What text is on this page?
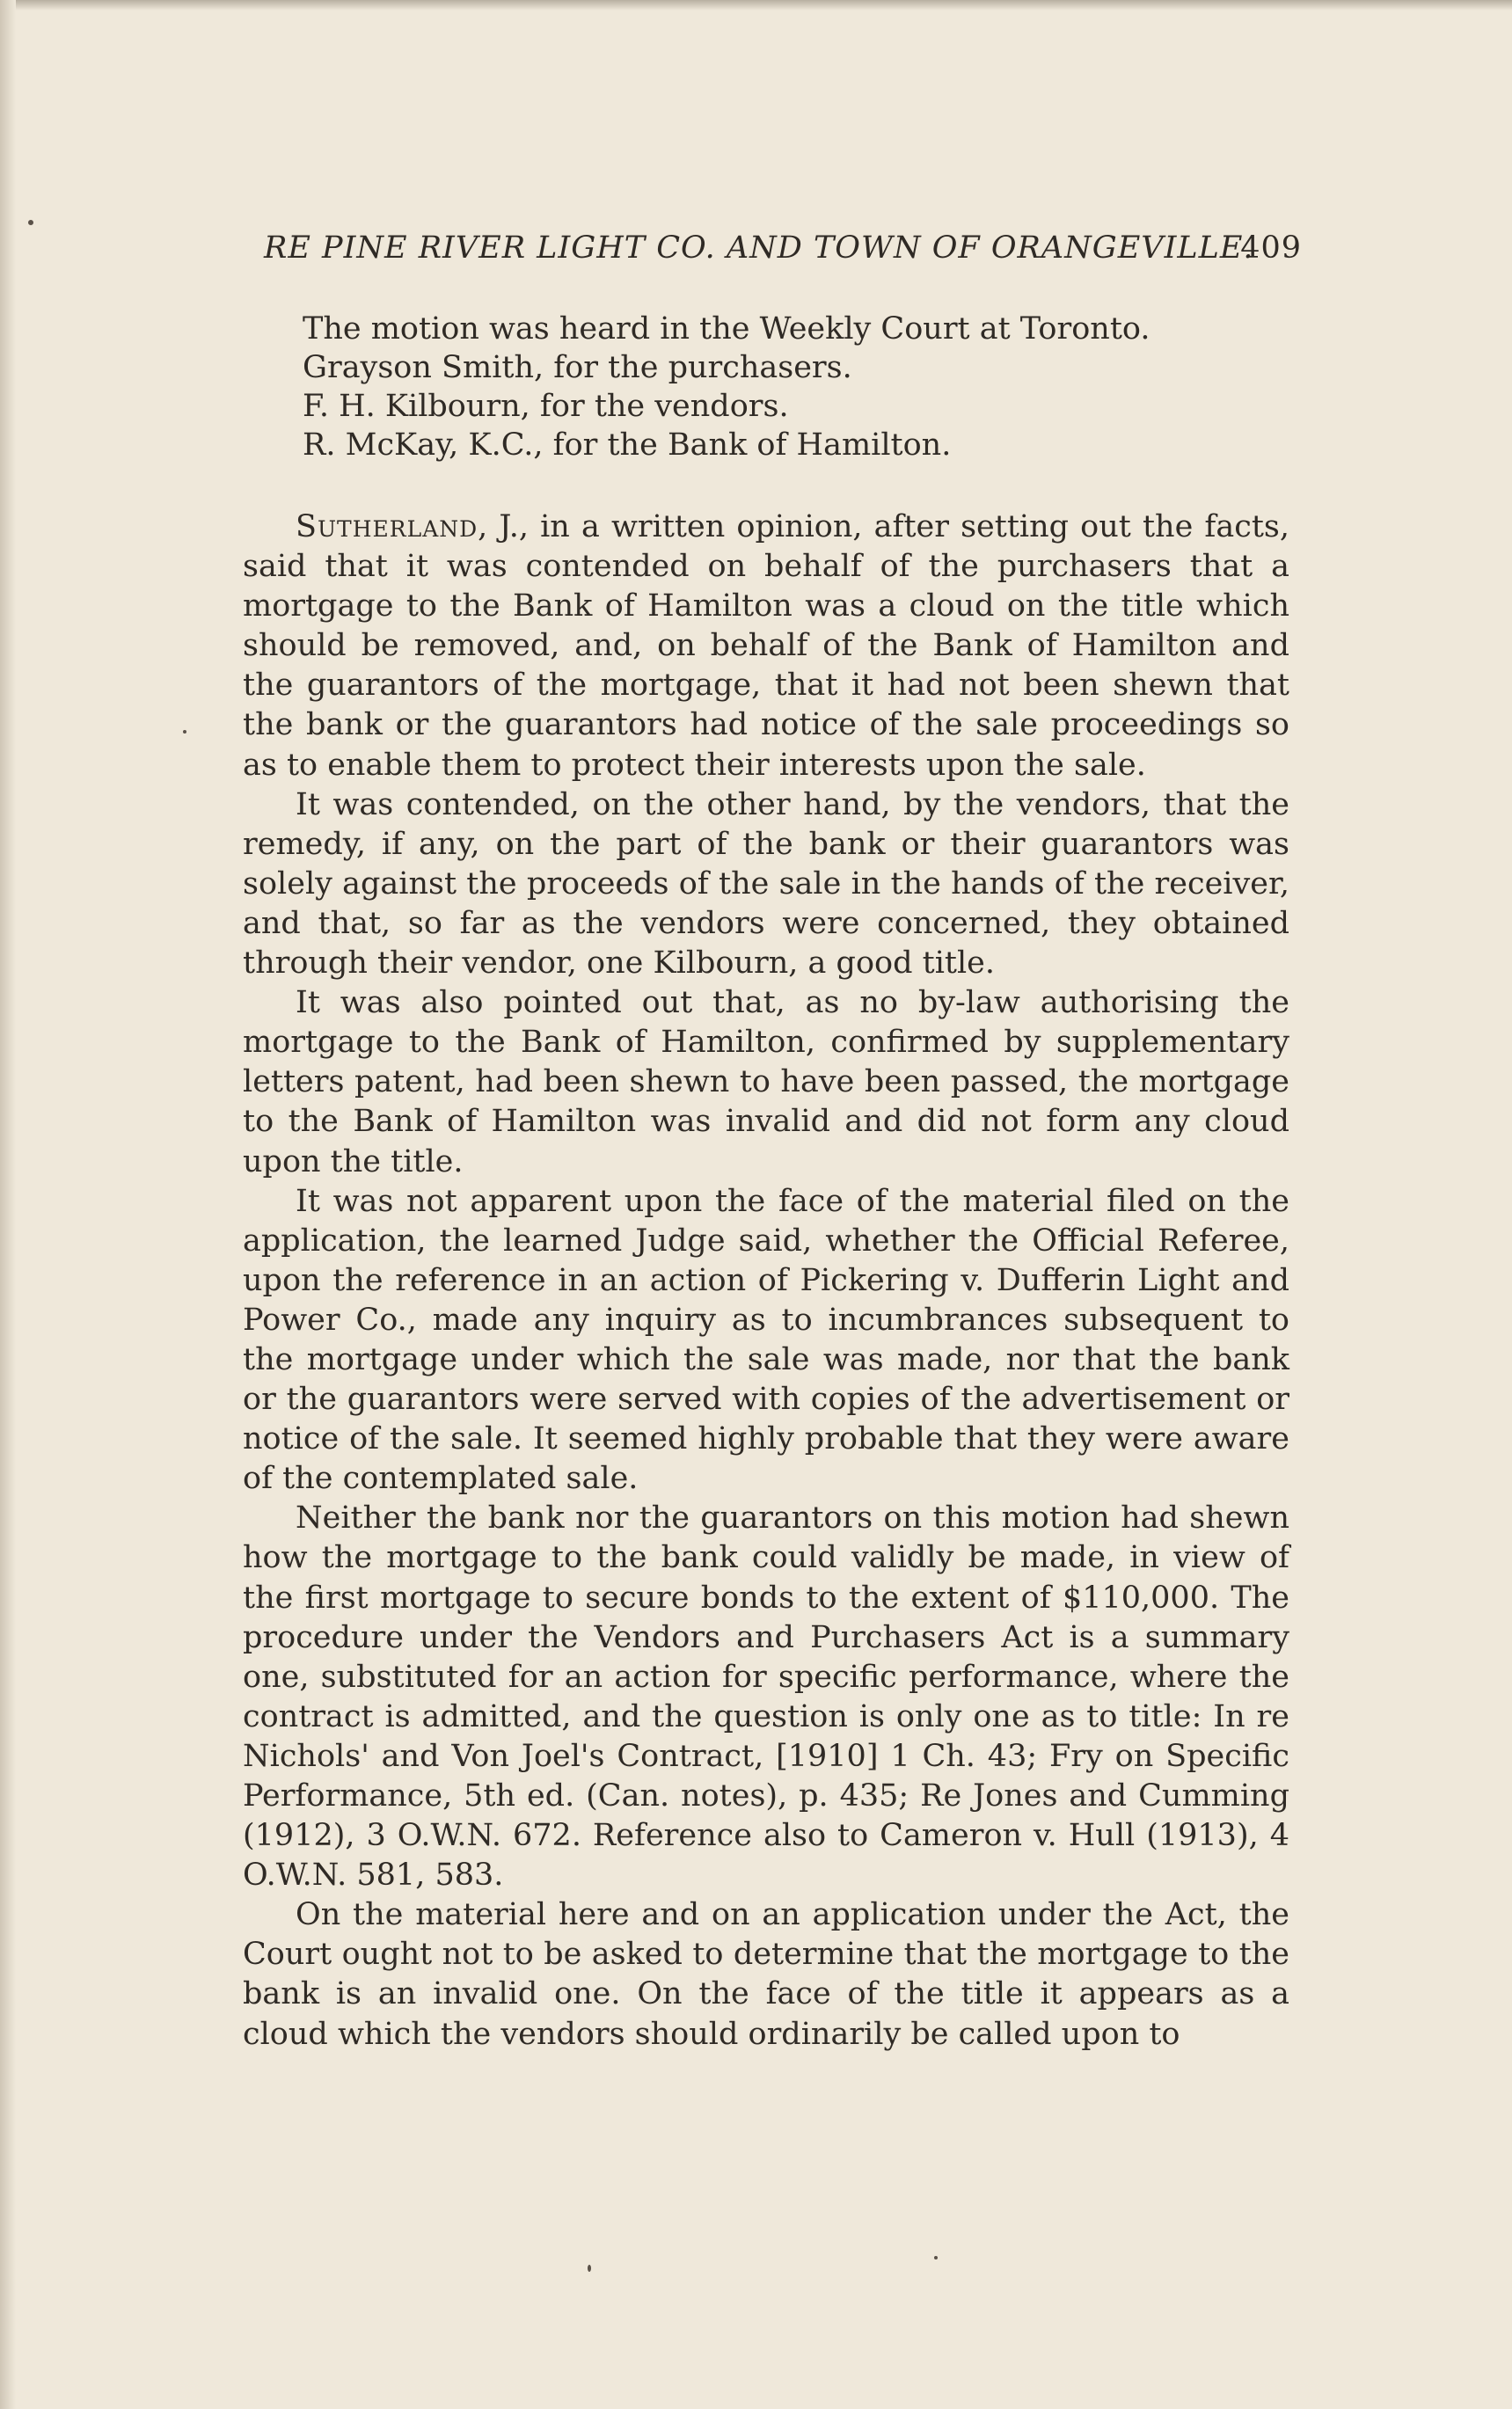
RE PINE RIVER LIGHT CO. AND TOWN OF ORANGEVILLE.
409
The motion was heard in the Weekly Court at Toronto.
Grayson Smith, for the purchasers.
F. H. Kilbourn, for the vendors.
R. McKay, K.C., for the Bank of Hamilton.

Sutherland, J., in a written opinion, after setting out the facts, said that it was contended on behalf of the purchasers that a mortgage to the Bank of Hamilton was a cloud on the title which should be removed, and, on behalf of the Bank of Hamilton and the guarantors of the mortgage, that it had not been shewn that the bank or the guarantors had notice of the sale proceedings so as to enable them to protect their interests upon the sale.

It was contended, on the other hand, by the vendors, that the remedy, if any, on the part of the bank or their guarantors was solely against the proceeds of the sale in the hands of the receiver, and that, so far as the vendors were concerned, they obtained through their vendor, one Kilbourn, a good title.

It was also pointed out that, as no by-law authorising the mortgage to the Bank of Hamilton, confirmed by supplementary letters patent, had been shewn to have been passed, the mortgage to the Bank of Hamilton was invalid and did not form any cloud upon the title.

It was not apparent upon the face of the material filed on the application, the learned Judge said, whether the Official Referee, upon the reference in an action of Pickering v. Dufferin Light and Power Co., made any inquiry as to incumbrances subsequent to the mortgage under which the sale was made, nor that the bank or the guarantors were served with copies of the advertisement or notice of the sale. It seemed highly probable that they were aware of the contemplated sale.

Neither the bank nor the guarantors on this motion had shewn how the mortgage to the bank could validly be made, in view of the first mortgage to secure bonds to the extent of $110,000. The procedure under the Vendors and Purchasers Act is a summary one, substituted for an action for specific performance, where the contract is admitted, and the question is only one as to title: In re Nichols' and Von Joel's Contract, [1910] 1 Ch. 43; Fry on Specific Performance, 5th ed. (Can. notes), p. 435; Re Jones and Cumming (1912), 3 O.W.N. 672. Reference also to Cameron v. Hull (1913), 4 O.W.N. 581, 583.

On the material here and on an application under the Act, the Court ought not to be asked to determine that the mortgage to the bank is an invalid one. On the face of the title it appears as a cloud which the vendors should ordinarily be called upon to
